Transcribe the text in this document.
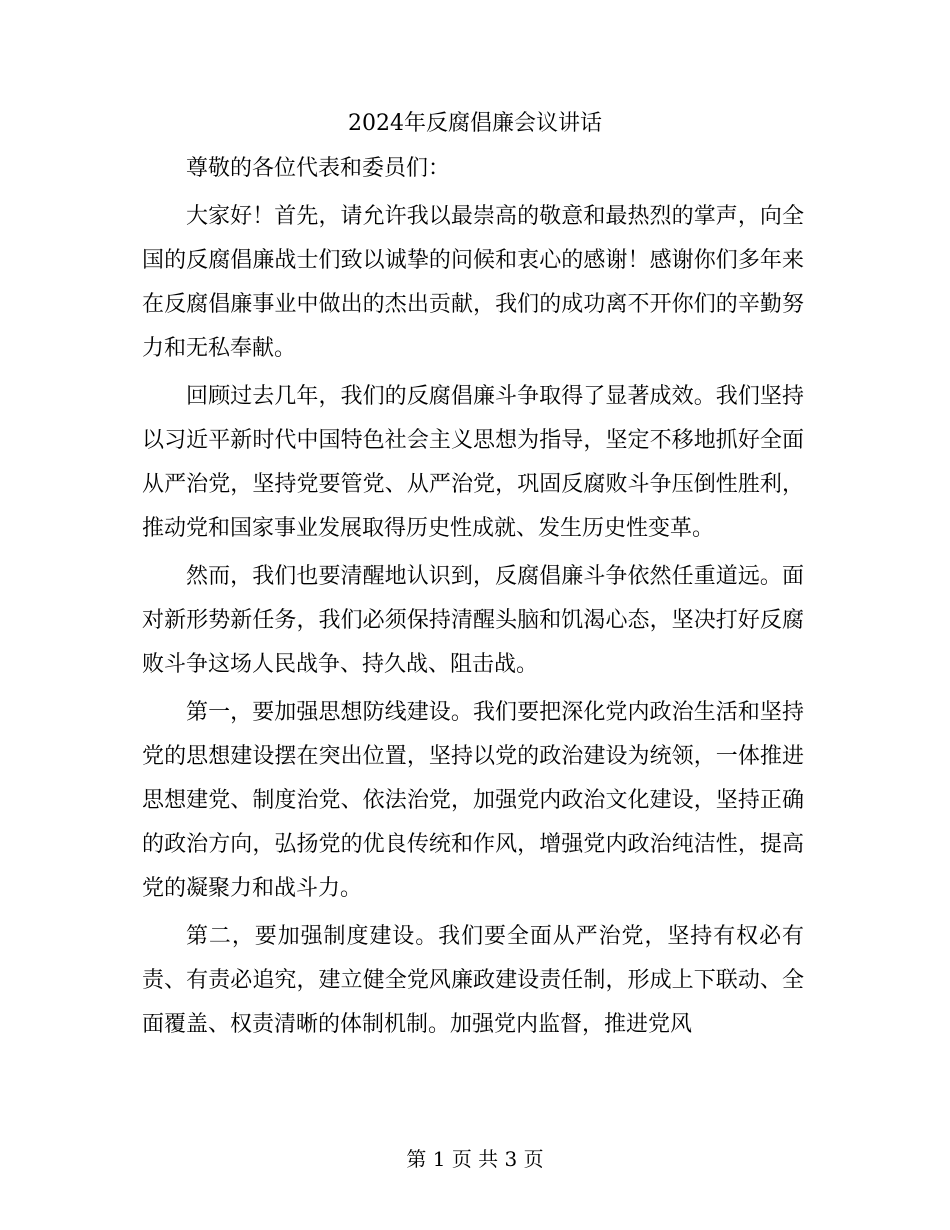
2024年反腐倡廉会议讲话

尊敬的各位代表和委员们：

大家好！首先，请允许我以最崇高的敬意和最热烈的掌声，向全国的反腐倡廉战士们致以诚挚的问候和衷心的感谢！感谢你们多年来在反腐倡廉事业中做出的杰出贡献，我们的成功离不开你们的辛勤努力和无私奉献。

回顾过去几年，我们的反腐倡廉斗争取得了显著成效。我们坚持以习近平新时代中国特色社会主义思想为指导，坚定不移地抓好全面从严治党，坚持党要管党、从严治党，巩固反腐败斗争压倒性胜利，推动党和国家事业发展取得历史性成就、发生历史性变革。

然而，我们也要清醒地认识到，反腐倡廉斗争依然任重道远。面对新形势新任务，我们必须保持清醒头脑和饥渴心态，坚决打好反腐败斗争这场人民战争、持久战、阻击战。

第一，要加强思想防线建设。我们要把深化党内政治生活和坚持党的思想建设摆在突出位置，坚持以党的政治建设为统领，一体推进思想建党、制度治党、依法治党，加强党内政治文化建设，坚持正确的政治方向，弘扬党的优良传统和作风，增强党内政治纯洁性，提高党的凝聚力和战斗力。

第二，要加强制度建设。我们要全面从严治党，坚持有权必有责、有责必追究，建立健全党风廉政建设责任制，形成上下联动、全面覆盖、权责清晰的体制机制。加强党内监督，推进党风

第 1 页 共 3 页
